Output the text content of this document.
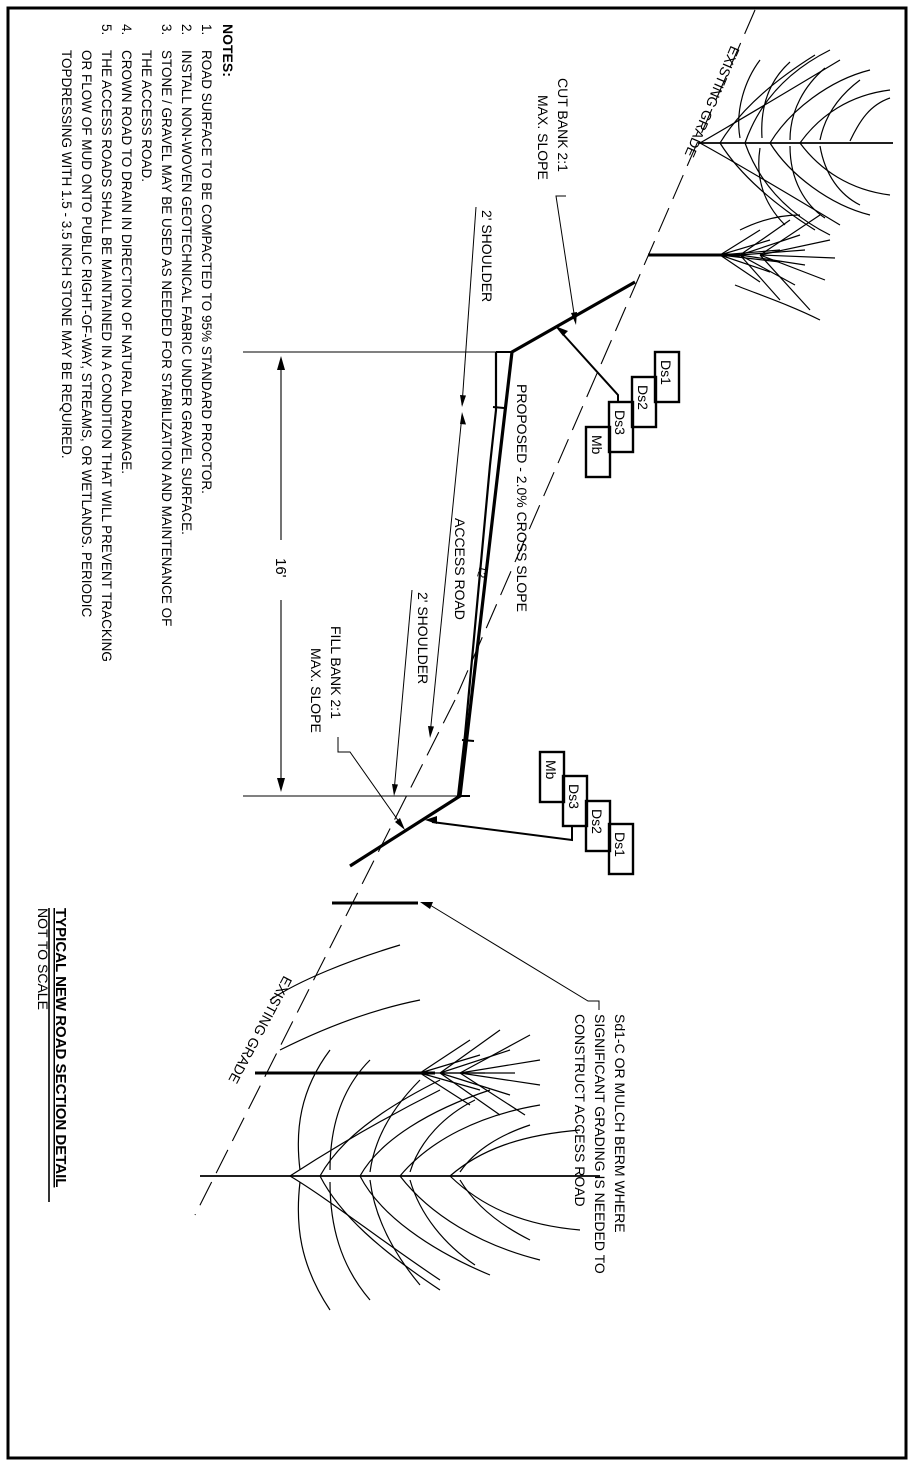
Ds1
Ds2
Ds3
Mb
Mb
Ds3
Ds2
Ds1
EXISTING GRADE
EXISTING GRADE
CUT BANK 2:1
MAX. SLOPE
2' SHOULDER
PROPOSED - 2.0% CROSS SLOPE
12
ACCESS ROAD
2' SHOULDER
FILL BANK 2:1
MAX. SLOPE
16'
Sd1-C OR MULCH BERM WHERE
SIGNIFICANT GRADING IS NEEDED TO
CONSTRUCT ACCESS ROAD
NOTES:
1.
ROAD SURFACE TO BE COMPACTED TO 95% STANDARD PROCTOR.
2.
INSTALL NON-WOVEN GEOTECHNICAL FABRIC UNDER GRAVEL SURFACE.
3.
STONE / GRAVEL MAY BE USED AS NEEDED FOR STABILIZATION AND MAINTENANCE OF
THE ACCESS ROAD.
4.
CROWN ROAD TO DRAIN IN DIRECTION OF NATURAL DRAINAGE.
5.
THE ACCESS ROADS SHALL BE MAINTAINED IN A CONDITION THAT WILL PREVENT TRACKING
OR FLOW OF MUD ONTO PUBLIC RIGHT-OF-WAY, STREAMS, OR WETLANDS. PERIODIC
TOPDRESSING WITH 1.5 - 3.5 INCH STONE MAY BE REQUIRED.
TYPICAL NEW ROAD SECTION DETAIL
NOT TO SCALE
